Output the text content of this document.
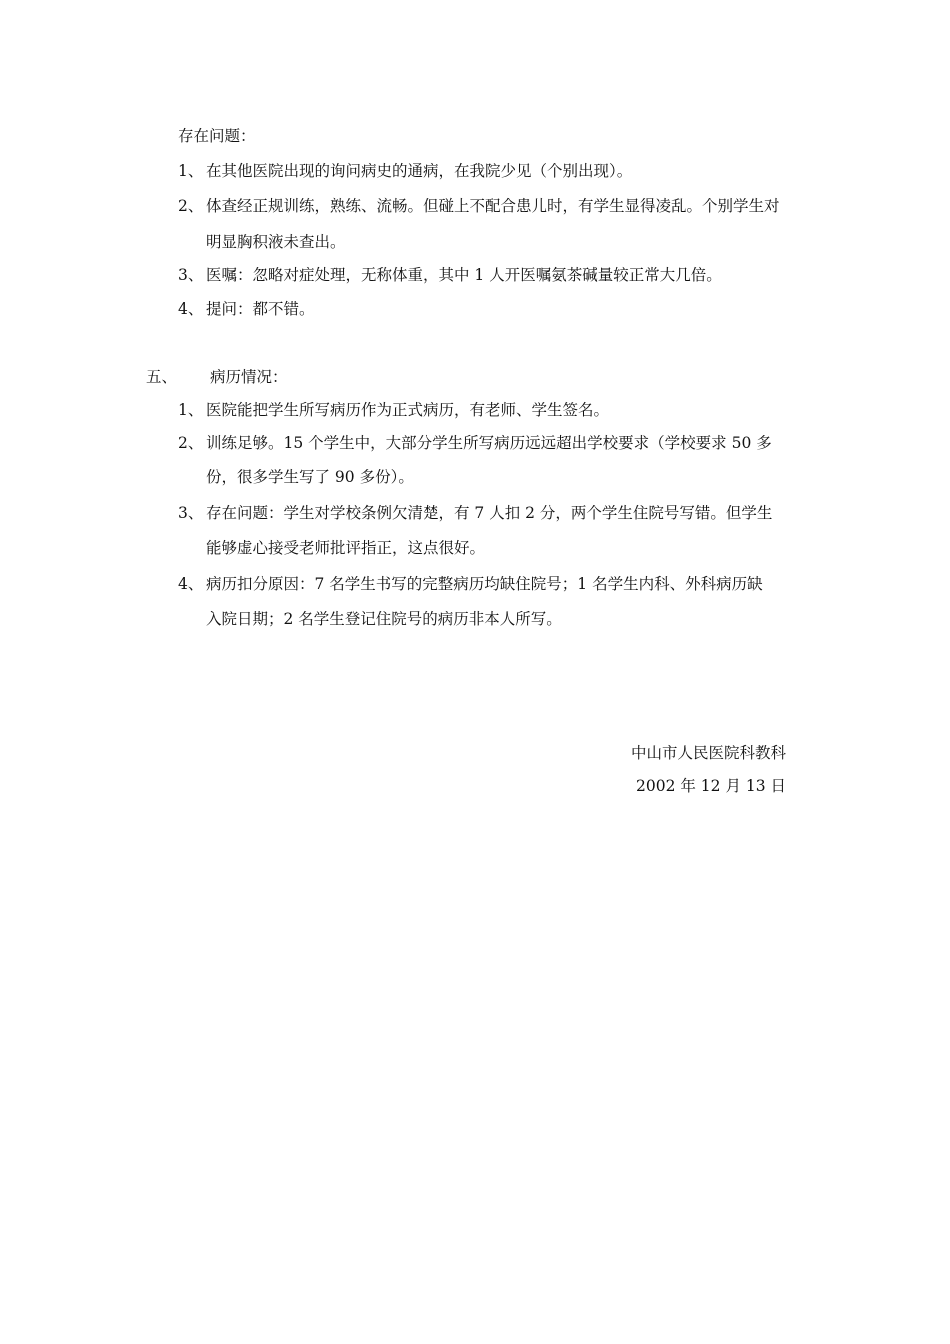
存在问题：
1、 在其他医院出现的询问病史的通病，在我院少见（个别出现）。
2、 体查经正规训练，熟练、流畅。但碰上不配合患儿时，有学生显得凌乱。个别学生对
明显胸积液未查出。
3、 医嘱：忽略对症处理，无称体重，其中 1 人开医嘱氨茶碱量较正常大几倍。
4、 提问：都不错。
五、 病历情况：
1、 医院能把学生所写病历作为正式病历，有老师、学生签名。
2、 训练足够。15 个学生中，大部分学生所写病历远远超出学校要求（学校要求 50 多
份，很多学生写了 90 多份）。
3、 存在问题：学生对学校条例欠清楚，有 7 人扣 2 分，两个学生住院号写错。但学生
能够虚心接受老师批评指正，这点很好。
4、 病历扣分原因：7 名学生书写的完整病历均缺住院号；1 名学生内科、外科病历缺
入院日期；2 名学生登记住院号的病历非本人所写。
中山市人民医院科教科
2002 年 12 月 13 日
